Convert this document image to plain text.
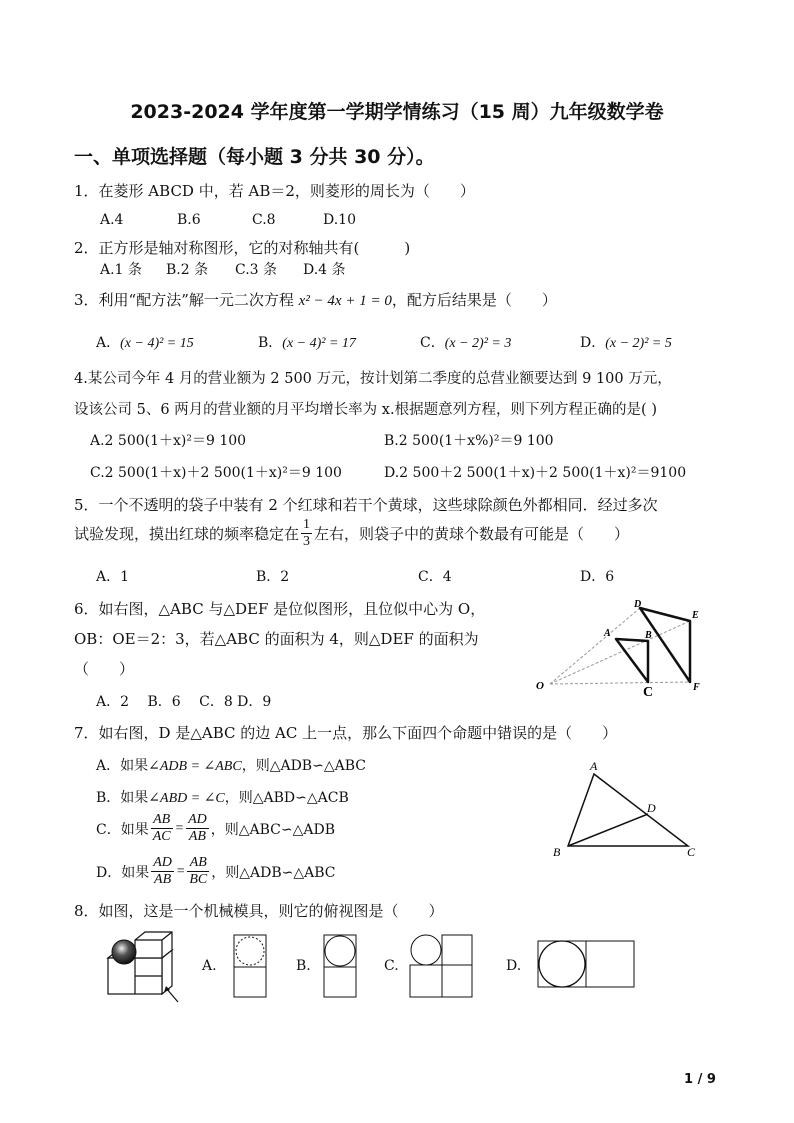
2023-2024 学年度第一学期学情练习（15 周）九年级数学卷
一、单项选择题（每小题 3 分共 30 分）。
1．在菱形 ABCD 中，若 AB＝2，则菱形的周长为（　　）
A.4	B.6	C.8	D.10
2．正方形是轴对称图形，它的对称轴共有(　　　)
A.1 条 B.2 条 C.3 条 D.4 条
3．利用“配方法”解一元二次方程 x² − 4x + 1 = 0，配方后结果是（　　）
A．(x − 4)² = 15	B．(x − 4)² = 17	C．(x − 2)² = 3	D．(x − 2)² = 5
4.某公司今年 4 月的营业额为 2 500 万元，按计划第二季度的总营业额要达到 9 100 万元，
设该公司 5、6 两月的营业额的月平均增长率为 x.根据题意列方程，则下列方程正确的是( )
A.2 500(1＋x)²＝9 100	B.2 500(1＋x%)²＝9 100
C.2 500(1＋x)＋2 500(1＋x)²＝9 100	D.2 500＋2 500(1＋x)＋2 500(1＋x)²＝9100
5．一个不透明的袋子中装有 2 个红球和若干个黄球，这些球除颜色外都相同．经过多次
试验发现，摸出红球的频率稳定在 $\frac{1}{3}$ 左右，则袋子中的黄球个数最有可能是（　　）
A．1	B．2	C．4	D．6
6．如右图，△ABC 与△DEF 是位似图形，且位似中心为 O，
OB：OE＝2：3，若△ABC 的面积为 4，则△DEF 的面积为
（　　）
A．2　 B．6　 C．8 D．9
O
A	B
C
D
E
F
7．如右图，D 是△ABC 的边 AC 上一点，那么下面四个命题中错误的是（　　）
A．如果∠ADB = ∠ABC，则△ADB∽△ABC
B．如果∠ABD = ∠C，则△ABD∽△ACB
C．如果 $\frac{AB}{AC} = \frac{AD}{AB}$ ，则△ABC∽△ADB
D．如果 $\frac{AD}{AB} = \frac{AB}{BC}$ ，则△ADB∽△ABC
A
B	C
D
8．如图，这是一个机械模具，则它的俯视图是（　　）
A.	B.	C.	D.
1 / 9
